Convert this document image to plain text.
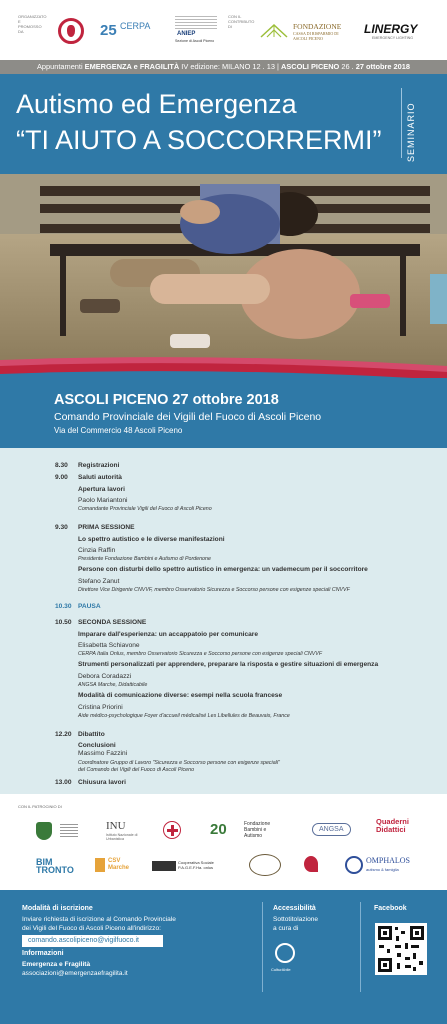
ORGANIZZATO E PROMOSSO DA	25 CERPA
ANIEP
Sezione di Ascoli Piceno
CON IL CONTRIBUTO DI	FONDAZIONE
CASSA DI RISPARMIO DI ASCOLI PICENO
LINERGY
EMERGENCY LIGHTING
Appuntamenti EMERGENZA e FRAGILITÀ IV edizione: MILANO 12 . 13 | ASCOLI PICENO 26 . 27 ottobre 2018
Autismo ed Emergenza
“TI AIUTO A SOCCORRERMI”	SEMINARIO
ASCOLI PICENO 27 ottobre 2018
Comando Provinciale dei Vigili del Fuoco di Ascoli Piceno
Via del Commercio 48 Ascoli Piceno
8.30 Registrazioni
9.00 Saluti autorità
Apertura lavori
Paolo Mariantoni
Comandante Provinciale Vigili del Fuoco di Ascoli Piceno
9.30 PRIMA SESSIONE
Lo spettro autistico e le diverse manifestazioni
Cinzia Raffin
Presidente Fondazione Bambini e Autismo di Pordenone
Persone con disturbi dello spettro autistico in emergenza: un vademecum per il soccorritore
Stefano Zanut
Direttore Vice Dirigente CNVVF, membro Osservatorio Sicurezza e Soccorso persone con esigenze speciali CNVVF
10.30 PAUSA
10.50 SECONDA SESSIONE
Imparare dall'esperienza: un accappatoio per comunicare
Elisabetta Schiavone
CERPA Italia Onlus, membro Osservatorio Sicurezza e Soccorso persone con esigenze speciali CNVVF
Strumenti personalizzati per apprendere, preparare la risposta e gestire situazioni di emergenza
Debora Coradazzi
ANGSA Marche, Didatticabile
Modalità di comunicazione diverse: esempi nella scuola francese
Cristina Priorini
Aide médico-psychologique Foyer d'accueil médicalisé Les Libellules de Beauvais, France
12.20 Dibattito
Conclusioni
Massimo Fazzini
Coordinatore Gruppo di Lavoro "Sicurezza e Soccorso persone con esigenze speciali"
del Comando dei Vigili del Fuoco di Ascoli Piceno
13.00 Chiusura lavori
CON IL PATROCINIO DI
INU
Istituto Nazionale di Urbanistica
20	Fondazione Bambini e Autismo
ANGSA
Quaderni Didattici
BIM TRONTO
CSV Marche
Cooperativa Sociale P.A.G.E.F.Ha. onlus
OMPHALOS
autismo & famiglia
Modalità di iscrizione
Inviare richiesta di iscrizione al Comando Provinciale
dei Vigili del Fuoco di Ascoli Piceno all'indirizzo:
comando.ascolipiceno@vigilfuoco.it
Informazioni
Emergenza e Fragilità
associazioni@emergenzaefragilita.it
Accessibilità
Sottotitolazione
a cura di
CulturAbile
Facebook
